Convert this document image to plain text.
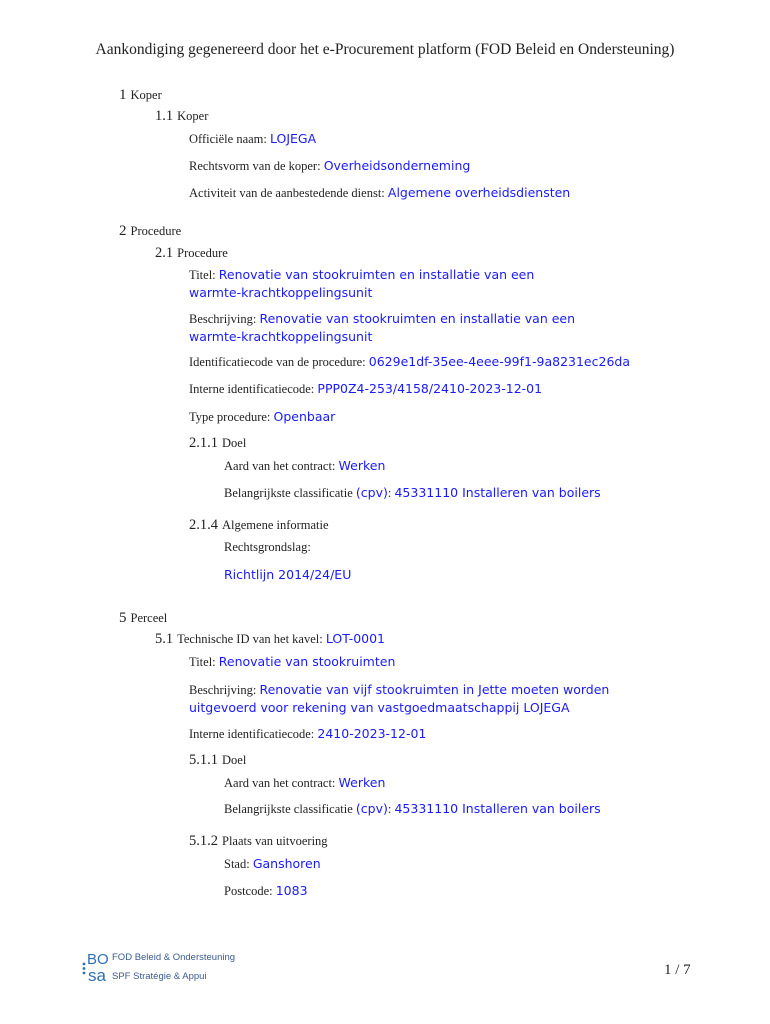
Aankondiging gegenereerd door het e-Procurement platform (FOD Beleid en Ondersteuning)
1 Koper
1.1 Koper
Officiële naam: LOJEGA
Rechtsvorm van de koper: Overheidsonderneming
Activiteit van de aanbestedende dienst: Algemene overheidsdiensten
2 Procedure
2.1 Procedure
Titel: Renovatie van stookruimten en installatie van een warmte-krachtkoppelingsunit
Beschrijving: Renovatie van stookruimten en installatie van een warmte-krachtkoppelingsunit
Identificatiecode van de procedure: 0629e1df-35ee-4eee-99f1-9a8231ec26da
Interne identificatiecode: PPP0Z4-253/4158/2410-2023-12-01
Type procedure: Openbaar
2.1.1 Doel
Aard van het contract: Werken
Belangrijkste classificatie (cpv): 45331110 Installeren van boilers
2.1.4 Algemene informatie
Rechtsgrondslag:
Richtlijn 2014/24/EU
5 Perceel
5.1 Technische ID van het kavel: LOT-0001
Titel: Renovatie van stookruimten
Beschrijving: Renovatie van vijf stookruimten in Jette moeten worden uitgevoerd voor rekening van vastgoedmaatschappij LOJEGA
Interne identificatiecode: 2410-2023-12-01
5.1.1 Doel
Aard van het contract: Werken
Belangrijkste classificatie (cpv): 45331110 Installeren van boilers
5.1.2 Plaats van uitvoering
Stad: Ganshoren
Postcode: 1083
BO
sa
FOD Beleid & Ondersteuning
SPF Stratégie & Appui	1 / 7
